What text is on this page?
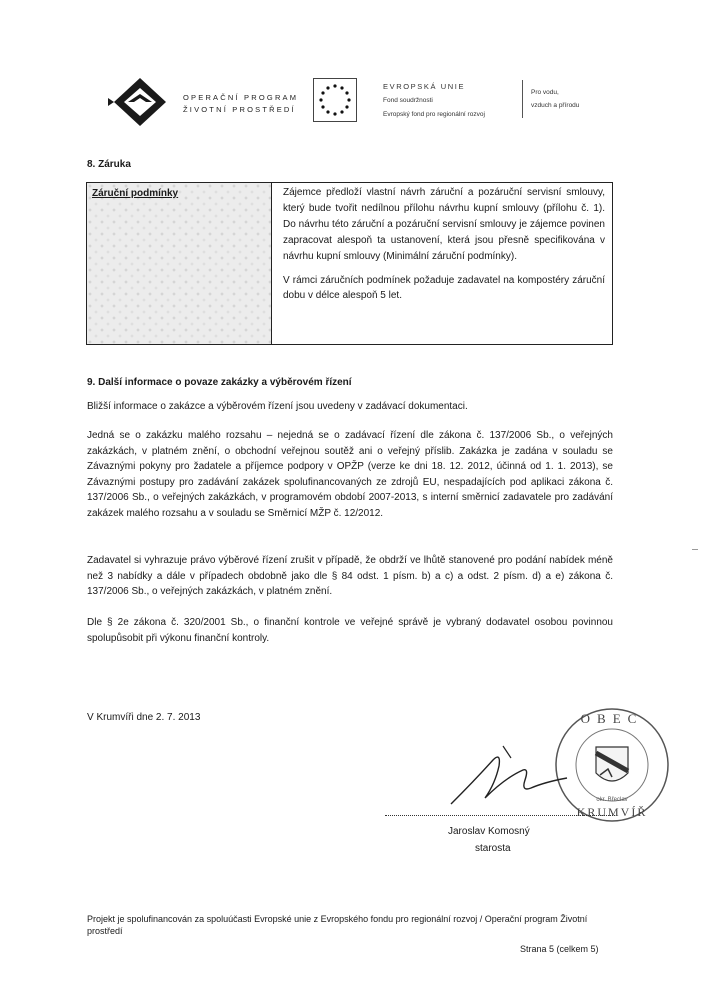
OPERAČNÍ PROGRAM
ŽIVOTNÍ PROSTŘEDÍ
EVROPSKÁ UNIE
Fond soudržnosti
Evropský fond pro regionální rozvoj
Pro vodu,
vzduch a přírodu
8. Záruka
Záruční podmínky	Zájemce předloží vlastní návrh záruční a pozáruční servisní smlouvy, který bude tvořit nedílnou přílohu návrhu kupní smlouvy (přílohu č. 1). Do návrhu této záruční a pozáruční servisní smlouvy je zájemce povinen zapracovat alespoň ta ustanovení, která jsou přesně specifikována v návrhu kupní smlouvy (Minimální záruční podmínky).

V rámci záručních podmínek požaduje zadavatel na kompostéry záruční dobu v délce alespoň 5 let.

9. Další informace o povaze zakázky a výběrovém řízení
Bližší informace o zakázce a výběrovém řízení jsou uvedeny v zadávací dokumentaci.
Jedná se o zakázku malého rozsahu – nejedná se o zadávací řízení dle zákona č. 137/2006 Sb., o veřejných zakázkách, v platném znění, o obchodní veřejnou soutěž ani o veřejný příslib. Zakázka je zadána v souladu se Závaznými pokyny pro žadatele a příjemce podpory v OPŽP (verze ke dni 18. 12. 2012, účinná od 1. 1. 2013), se Závaznými postupy pro zadávání zakázek spolufinancovaných ze zdrojů EU, nespadajících pod aplikaci zákona č. 137/2006 Sb., o veřejných zakázkách, v programovém období 2007-2013, s interní směrnicí zadavatele pro zadávání zakázek malého rozsahu a v souladu se Směrnicí MŽP č. 12/2012.
Zadavatel si vyhrazuje právo výběrové řízení zrušit v případě, že obdrží ve lhůtě stanovené pro podání nabídek méně než 3 nabídky a dále v případech obdobně jako dle § 84 odst. 1 písm. b) a c) a odst. 2 písm. d) a e) zákona č. 137/2006 Sb., o veřejných zakázkách, v platném znění.
Dle § 2e zákona č. 320/2001 Sb., o finanční kontrole ve veřejné správě je vybraný dodavatel osobou povinnou spolupůsobit při výkonu finanční kontroly.
V Krumvíři dne 2. 7. 2013	OBEC
KRUMVÍŘ
okr. Břeclav
Jaroslav Komosný
starosta
Projekt je spolufinancován za spoluúčasti Evropské unie z Evropského fondu pro regionální rozvoj / Operační program Životní prostředí
Strana 5 (celkem 5)
